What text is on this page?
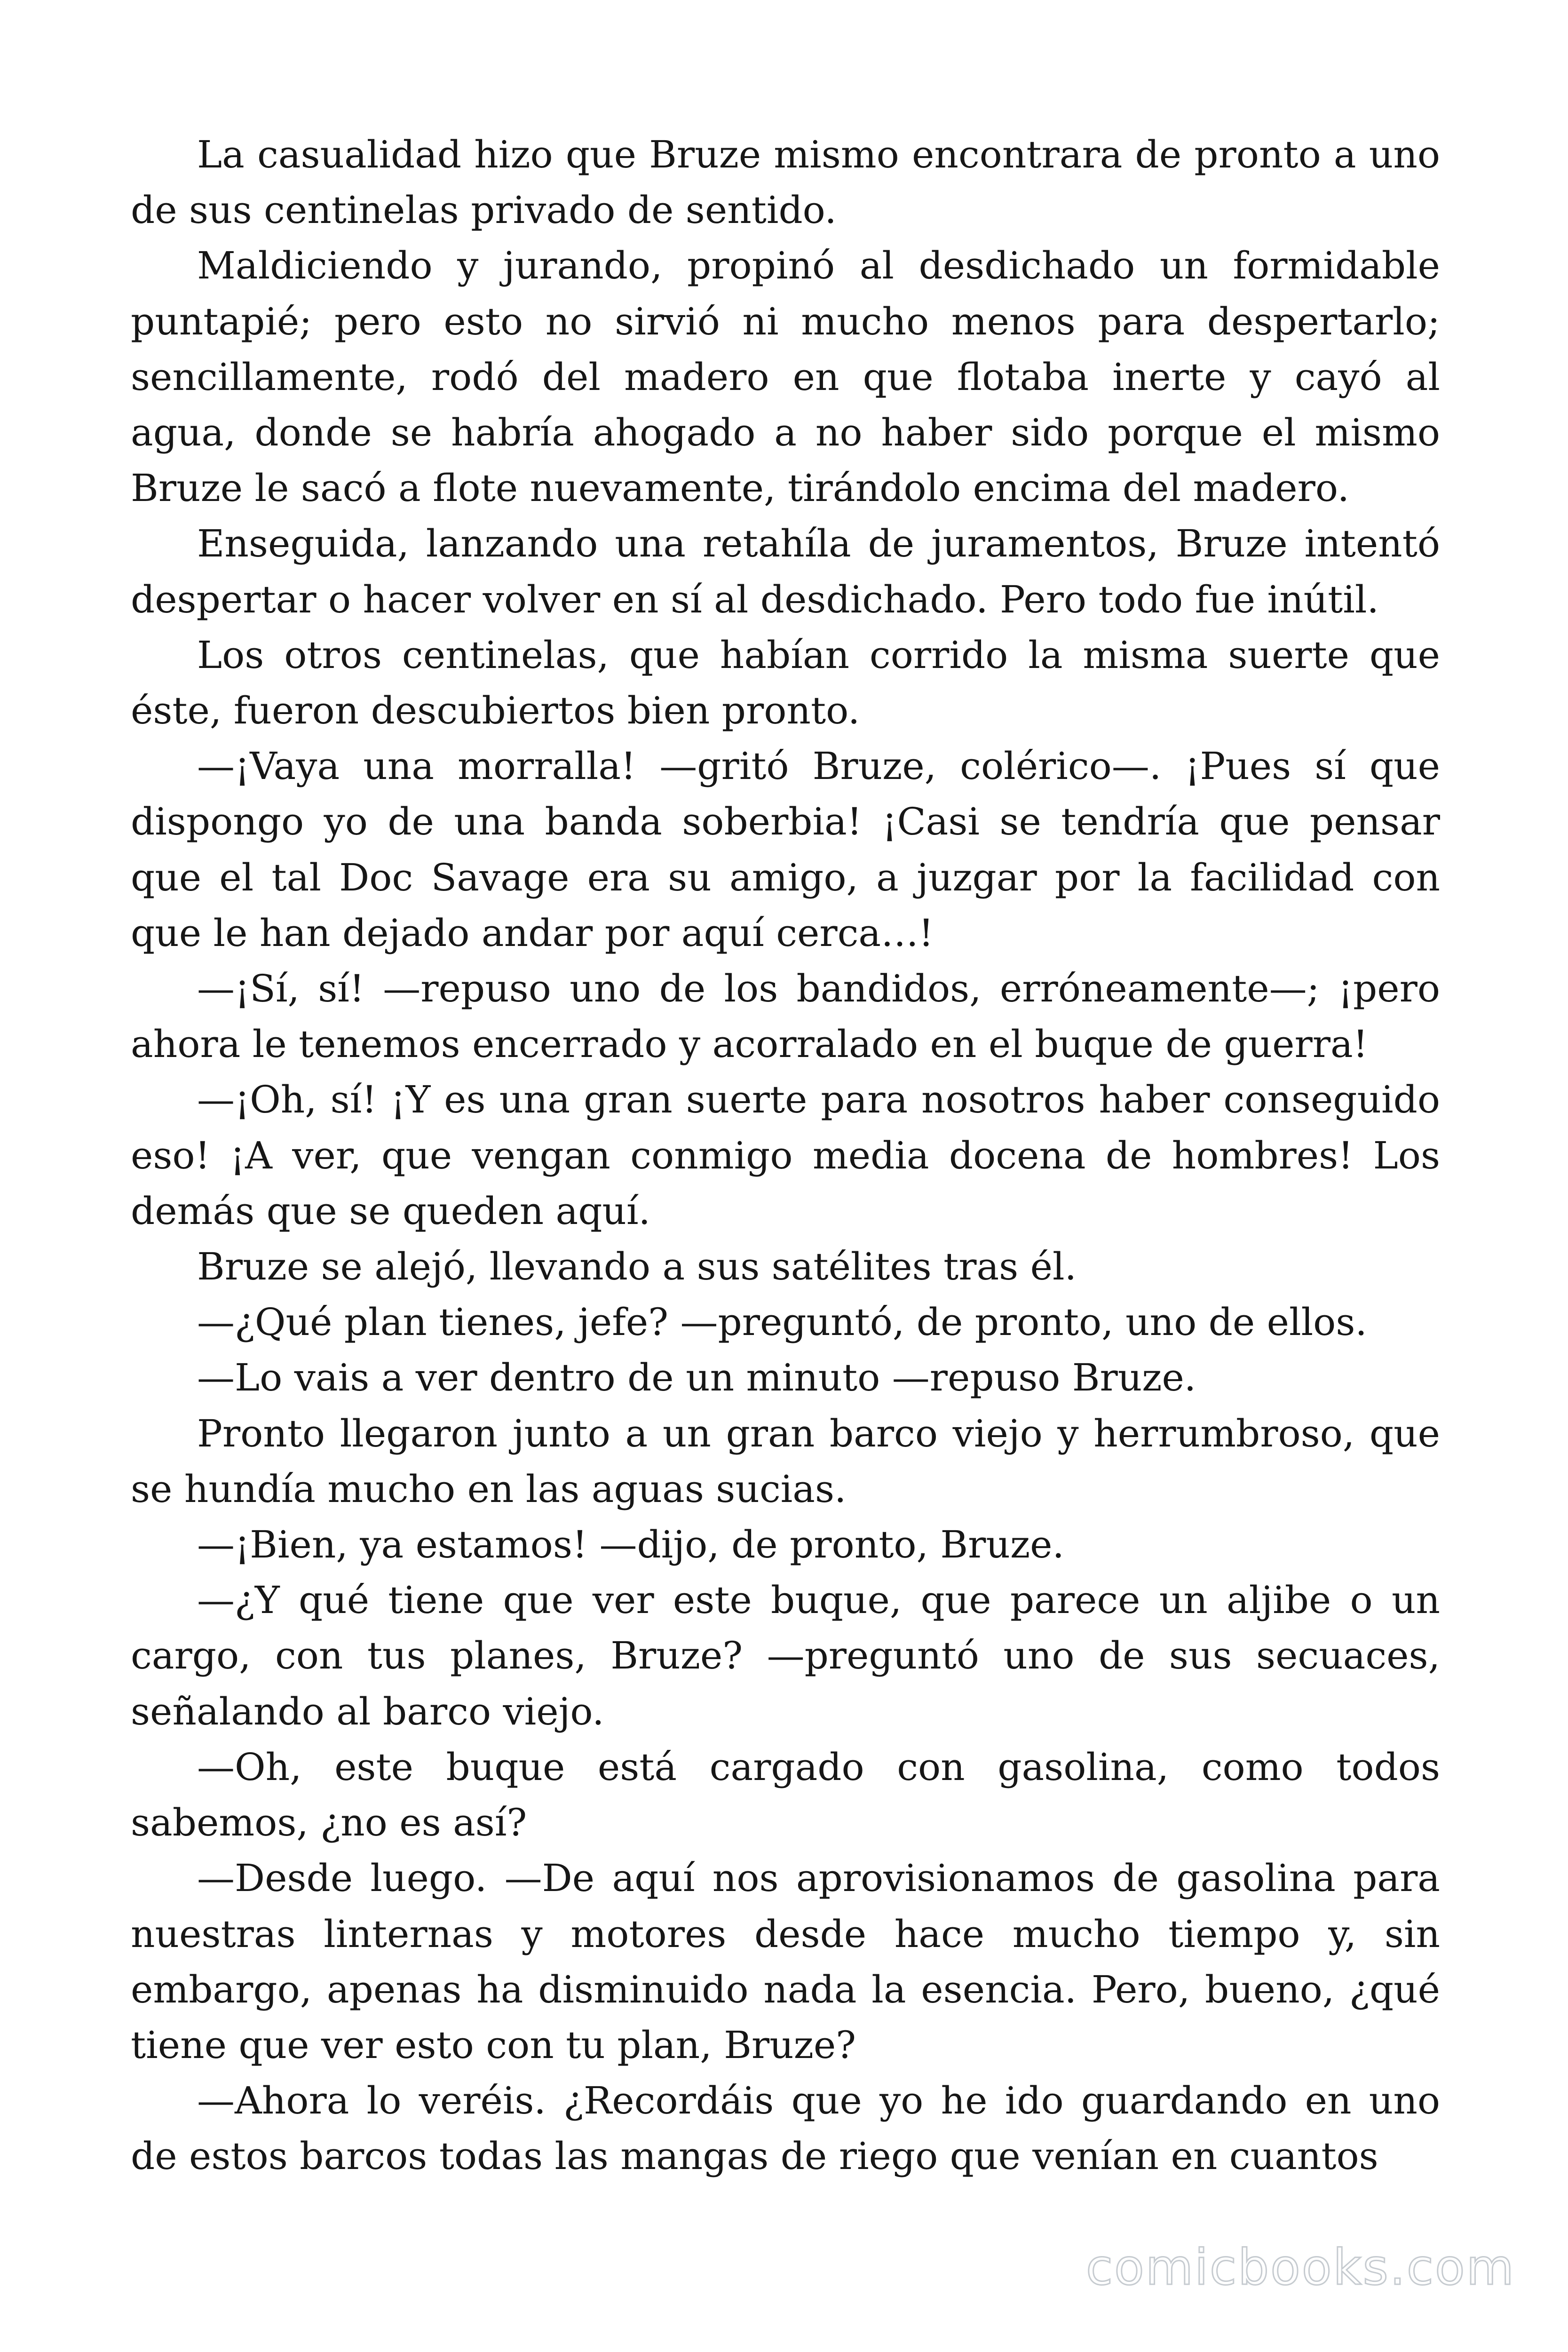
La casualidad hizo que Bruze mismo encontrara de pronto a uno de sus centinelas privado de sentido.

Maldiciendo y jurando, propinó al desdichado un formidable puntapié; pero esto no sirvió ni mucho menos para despertarlo; sencillamente, rodó del madero en que flotaba inerte y cayó al agua, donde se habría ahogado a no haber sido porque el mismo Bruze le sacó a flote nuevamente, tirándolo encima del madero.

Enseguida, lanzando una retahíla de juramentos, Bruze intentó despertar o hacer volver en sí al desdichado. Pero todo fue inútil.

Los otros centinelas, que habían corrido la misma suerte que éste, fueron descubiertos bien pronto.

—¡Vaya una morralla! —gritó Bruze, colérico—. ¡Pues sí que dispongo yo de una banda soberbia! ¡Casi se tendría que pensar que el tal Doc Savage era su amigo, a juzgar por la facilidad con que le han dejado andar por aquí cerca…!

—¡Sí, sí! —repuso uno de los bandidos, erróneamente—; ¡pero ahora le tenemos encerrado y acorralado en el buque de guerra!

—¡Oh, sí! ¡Y es una gran suerte para nosotros haber conseguido eso! ¡A ver, que vengan conmigo media docena de hombres! Los demás que se queden aquí.

Bruze se alejó, llevando a sus satélites tras él.

—¿Qué plan tienes, jefe? —preguntó, de pronto, uno de ellos.

—Lo vais a ver dentro de un minuto —repuso Bruze.

Pronto llegaron junto a un gran barco viejo y herrumbroso, que se hundía mucho en las aguas sucias.

—¡Bien, ya estamos! —dijo, de pronto, Bruze.

—¿Y qué tiene que ver este buque, que parece un aljibe o un cargo, con tus planes, Bruze? —preguntó uno de sus secuaces, señalando al barco viejo.

—Oh, este buque está cargado con gasolina, como todos sabemos, ¿no es así?

—Desde luego. —De aquí nos aprovisionamos de gasolina para nuestras linternas y motores desde hace mucho tiempo y, sin embargo, apenas ha disminuido nada la esencia. Pero, bueno, ¿qué tiene que ver esto con tu plan, Bruze?

—Ahora lo veréis. ¿Recordáis que yo he ido guardando en uno de estos barcos todas las mangas de riego que venían en cuantos

comicbooks.com
